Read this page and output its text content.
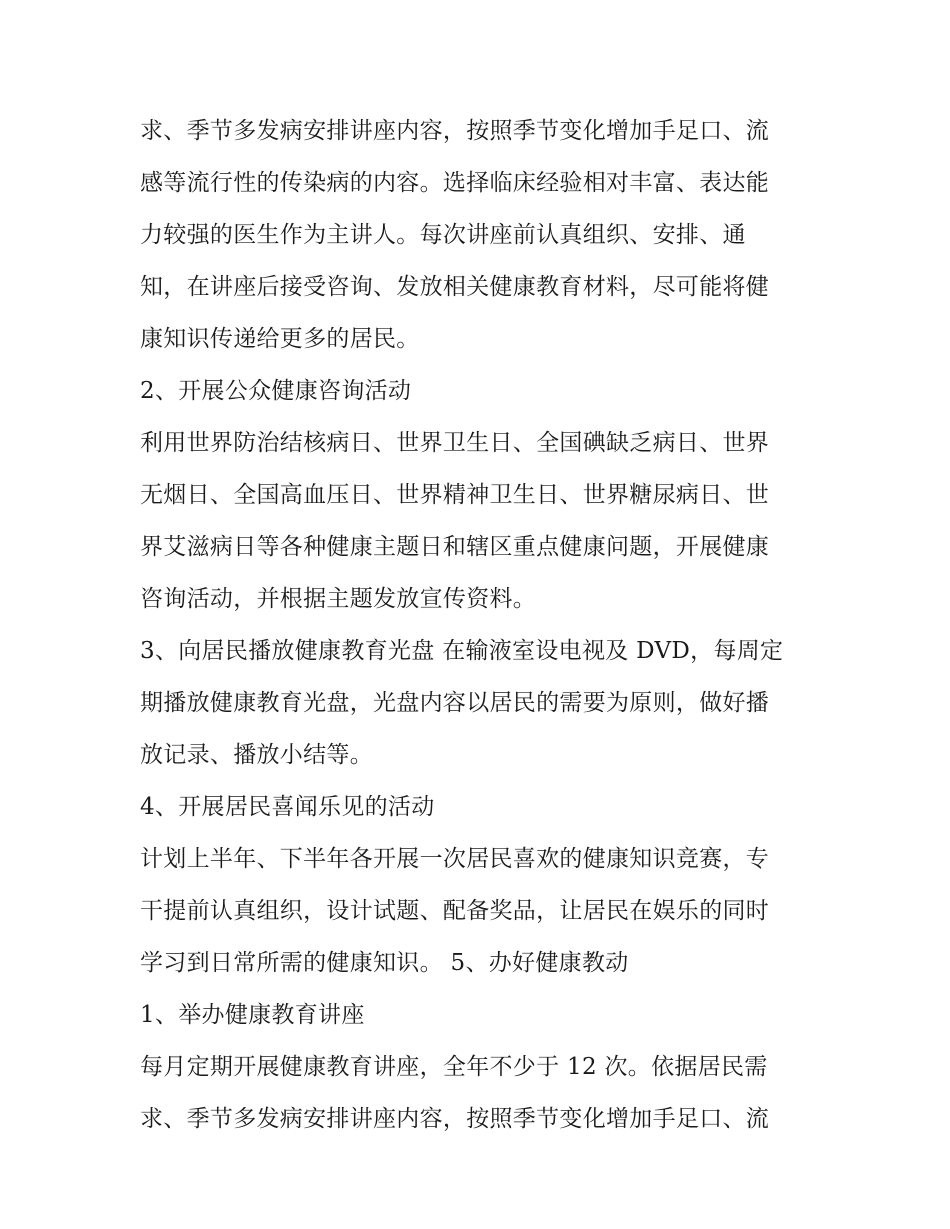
求、季节多发病安排讲座内容，按照季节变化增加手足口、流
感等流行性的传染病的内容。选择临床经验相对丰富、表达能
力较强的医生作为主讲人。每次讲座前认真组织、安排、通
知，在讲座后接受咨询、发放相关健康教育材料，尽可能将健
康知识传递给更多的居民。
2、开展公众健康咨询活动
利用世界防治结核病日、世界卫生日、全国碘缺乏病日、世界
无烟日、全国高血压日、世界精神卫生日、世界糖尿病日、世
界艾滋病日等各种健康主题日和辖区重点健康问题，开展健康
咨询活动，并根据主题发放宣传资料。
3、向居民播放健康教育光盘 在输液室设电视及 DVD，每周定
期播放健康教育光盘，光盘内容以居民的需要为原则，做好播
放记录、播放小结等。
4、开展居民喜闻乐见的活动
计划上半年、下半年各开展一次居民喜欢的健康知识竞赛，专
干提前认真组织，设计试题、配备奖品，让居民在娱乐的同时
学习到日常所需的健康知识。 5、办好健康教动
1、举办健康教育讲座
每月定期开展健康教育讲座，全年不少于 12 次。依据居民需
求、季节多发病安排讲座内容，按照季节变化增加手足口、流
